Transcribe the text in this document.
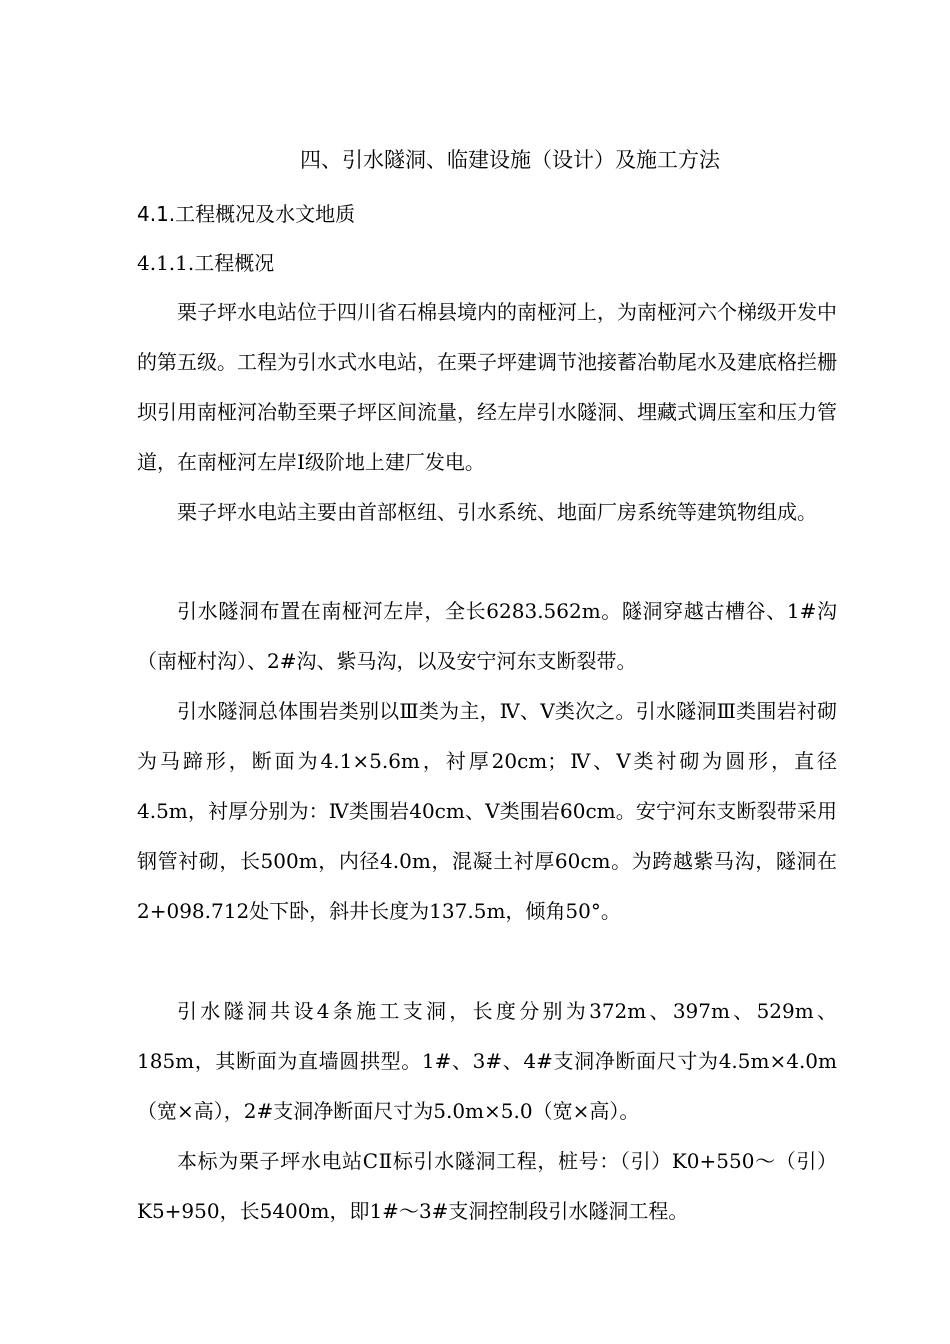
四、引水隧洞、临建设施（设计）及施工方法
4.1.工程概况及水文地质
4.1.1.工程概况

栗子坪水电站位于四川省石棉县境内的南桠河上，为南桠河六个梯级开发中的第五级。工程为引水式水电站，在栗子坪建调节池接蓄冶勒尾水及建底格拦栅坝引用南桠河冶勒至栗子坪区间流量，经左岸引水隧洞、埋藏式调压室和压力管道，在南桠河左岸Ⅰ级阶地上建厂发电。

栗子坪水电站主要由首部枢纽、引水系统、地面厂房系统等建筑物组成。

引水隧洞布置在南桠河左岸，全长6283.562m。隧洞穿越古槽谷、1#沟（南桠村沟）、2#沟、紫马沟，以及安宁河东支断裂带。

引水隧洞总体围岩类别以Ⅲ类为主，Ⅳ、Ⅴ类次之。引水隧洞Ⅲ类围岩衬砌为马蹄形，断面为4.1×5.6m，衬厚20cm；Ⅳ、Ⅴ类衬砌为圆形，直径4.5m，衬厚分别为：Ⅳ类围岩40cm、Ⅴ类围岩60cm。安宁河东支断裂带采用钢管衬砌，长500m，内径4.0m，混凝土衬厚60cm。为跨越紫马沟，隧洞在2+098.712处下卧，斜井长度为137.5m，倾角50°。

引水隧洞共设4条施工支洞，长度分别为372m、397m、529m、185m，其断面为直墙圆拱型。1#、3#、4#支洞净断面尺寸为4.5m×4.0m（宽×高），2#支洞净断面尺寸为5.0m×5.0（宽×高）。

本标为栗子坪水电站CⅡ标引水隧洞工程，桩号：（引）K0+550～（引）K5+950，长5400m，即1#～3#支洞控制段引水隧洞工程。
